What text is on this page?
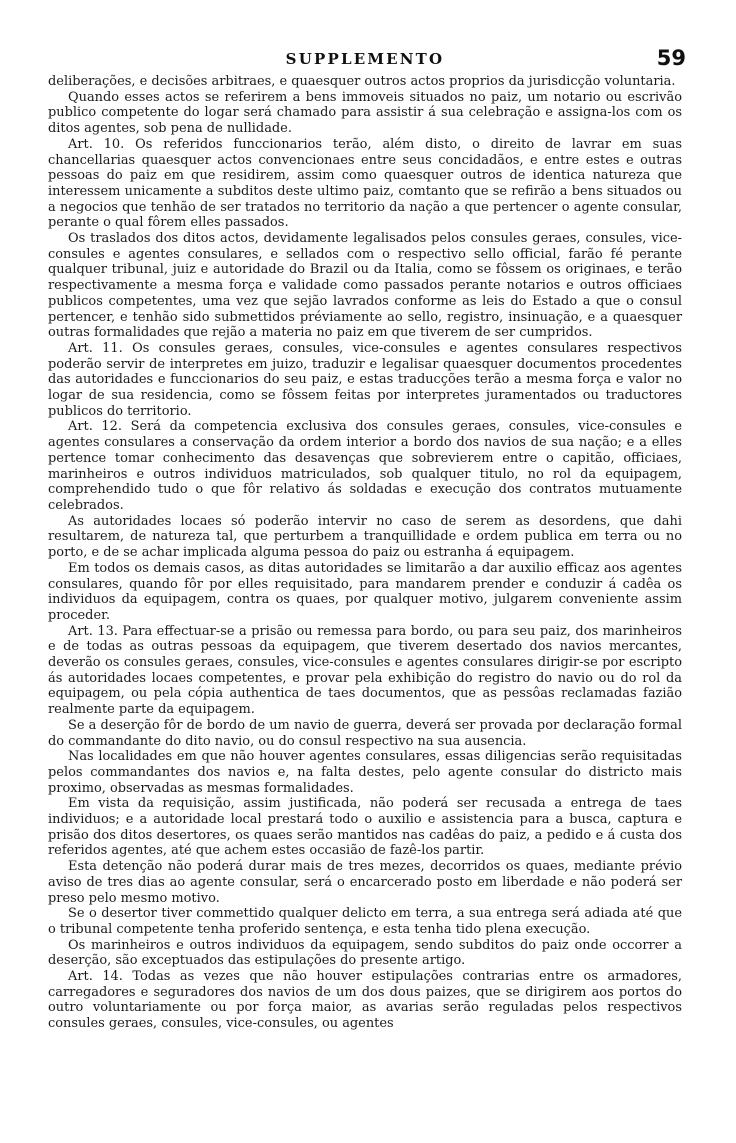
SUPPLEMENTO	59

deliberações, e decisões arbitraes, e quaesquer outros actos proprios da jurisdicção voluntaria.

Quando esses actos se referirem a bens immoveis situados no paiz, um notario ou escrivão publico competente do logar será chamado para assistir á sua celebração e assigna-los com os ditos agentes, sob pena de nullidade.

Art. 10. Os referidos funccionarios terão, além disto, o direito de lavrar em suas chancellarias quaesquer actos convencionaes entre seus concidadãos, e entre estes e outras pessoas do paiz em que residirem, assim como quaesquer outros de identica natureza que interessem unicamente a subditos deste ultimo paiz, comtanto que se refirão a bens situados ou a negocios que tenhão de ser tratados no territorio da nação a que pertencer o agente consular, perante o qual fôrem elles passados.

Os traslados dos ditos actos, devidamente legalisados pelos consules geraes, consules, vice-consules e agentes consulares, e sellados com o respectivo sello official, farão fé perante qualquer tribunal, juiz e autoridade do Brazil ou da Italia, como se fôssem os originaes, e terão respectivamente a mesma força e validade como passados perante notarios e outros officiaes publicos competentes, uma vez que sejão lavrados conforme as leis do Estado a que o consul pertencer, e tenhão sido submettidos préviamente ao sello, registro, insinuação, e a quaesquer outras formalidades que rejão a materia no paiz em que tiverem de ser cumpridos.

Art. 11. Os consules geraes, consules, vice-consules e agentes consulares respectivos poderão servir de interpretes em juizo, traduzir e legalisar quaesquer documentos procedentes das autoridades e funccionarios do seu paiz, e estas traducções terão a mesma força e valor no logar de sua residencia, como se fôssem feitas por interpretes juramentados ou traductores publicos do territorio.

Art. 12. Será da competencia exclusiva dos consules geraes, consules, vice-consules e agentes consulares a conservação da ordem interior a bordo dos navios de sua nação; e a elles pertence tomar conhecimento das desavenças que sobrevierem entre o capitão, officiaes, marinheiros e outros individuos matriculados, sob qualquer titulo, no rol da equipagem, comprehendido tudo o que fôr relativo ás soldadas e execução dos contratos mutuamente celebrados.

As autoridades locaes só poderão intervir no caso de serem as desordens, que dahi resultarem, de natureza tal, que perturbem a tranquillidade e ordem publica em terra ou no porto, e de se achar implicada alguma pessoa do paiz ou estranha á equipagem.

Em todos os demais casos, as ditas autoridades se limitarão a dar auxilio efficaz aos agentes consulares, quando fôr por elles requisitado, para mandarem prender e conduzir á cadêa os individuos da equipagem, contra os quaes, por qualquer motivo, julgarem conveniente assim proceder.

Art. 13. Para effectuar-se a prisão ou remessa para bordo, ou para seu paiz, dos marinheiros e de todas as outras pessoas da equipagem, que tiverem desertado dos navios mercantes, deverão os consules geraes, consules, vice-consules e agentes consulares dirigir-se por escripto ás autoridades locaes competentes, e provar pela exhibição do registro do navio ou do rol da equipagem, ou pela cópia authentica de taes documentos, que as pessôas reclamadas fazião realmente parte da equipagem.

Se a deserção fôr de bordo de um navio de guerra, deverá ser provada por declaração formal do commandante do dito navio, ou do consul respectivo na sua ausencia.

Nas localidades em que não houver agentes consulares, essas diligencias serão requisitadas pelos commandantes dos navios e, na falta destes, pelo agente consular do districto mais proximo, observadas as mesmas formalidades.

Em vista da requisição, assim justificada, não poderá ser recusada a entrega de taes individuos; e a autoridade local prestará todo o auxilio e assistencia para a busca, captura e prisão dos ditos desertores, os quaes serão mantidos nas cadêas do paiz, a pedido e á custa dos referidos agentes, até que achem estes occasião de fazê-los partir.

Esta detenção não poderá durar mais de tres mezes, decorridos os quaes, mediante prévio aviso de tres dias ao agente consular, será o encarcerado posto em liberdade e não poderá ser preso pelo mesmo motivo.

Se o desertor tiver commettido qualquer delicto em terra, a sua entrega será adiada até que o tribunal competente tenha proferido sentença, e esta tenha tido plena execução.

Os marinheiros e outros individuos da equipagem, sendo subditos do paiz onde occorrer a deserção, são exceptuados das estipulações do presente artigo.

Art. 14. Todas as vezes que não houver estipulações contrarias entre os armadores, carregadores e seguradores dos navios de um dos dous paizes, que se dirigirem aos portos do outro voluntariamente ou por força maior, as avarias serão reguladas pelos respectivos consules geraes, consules, vice-consules, ou agentes
